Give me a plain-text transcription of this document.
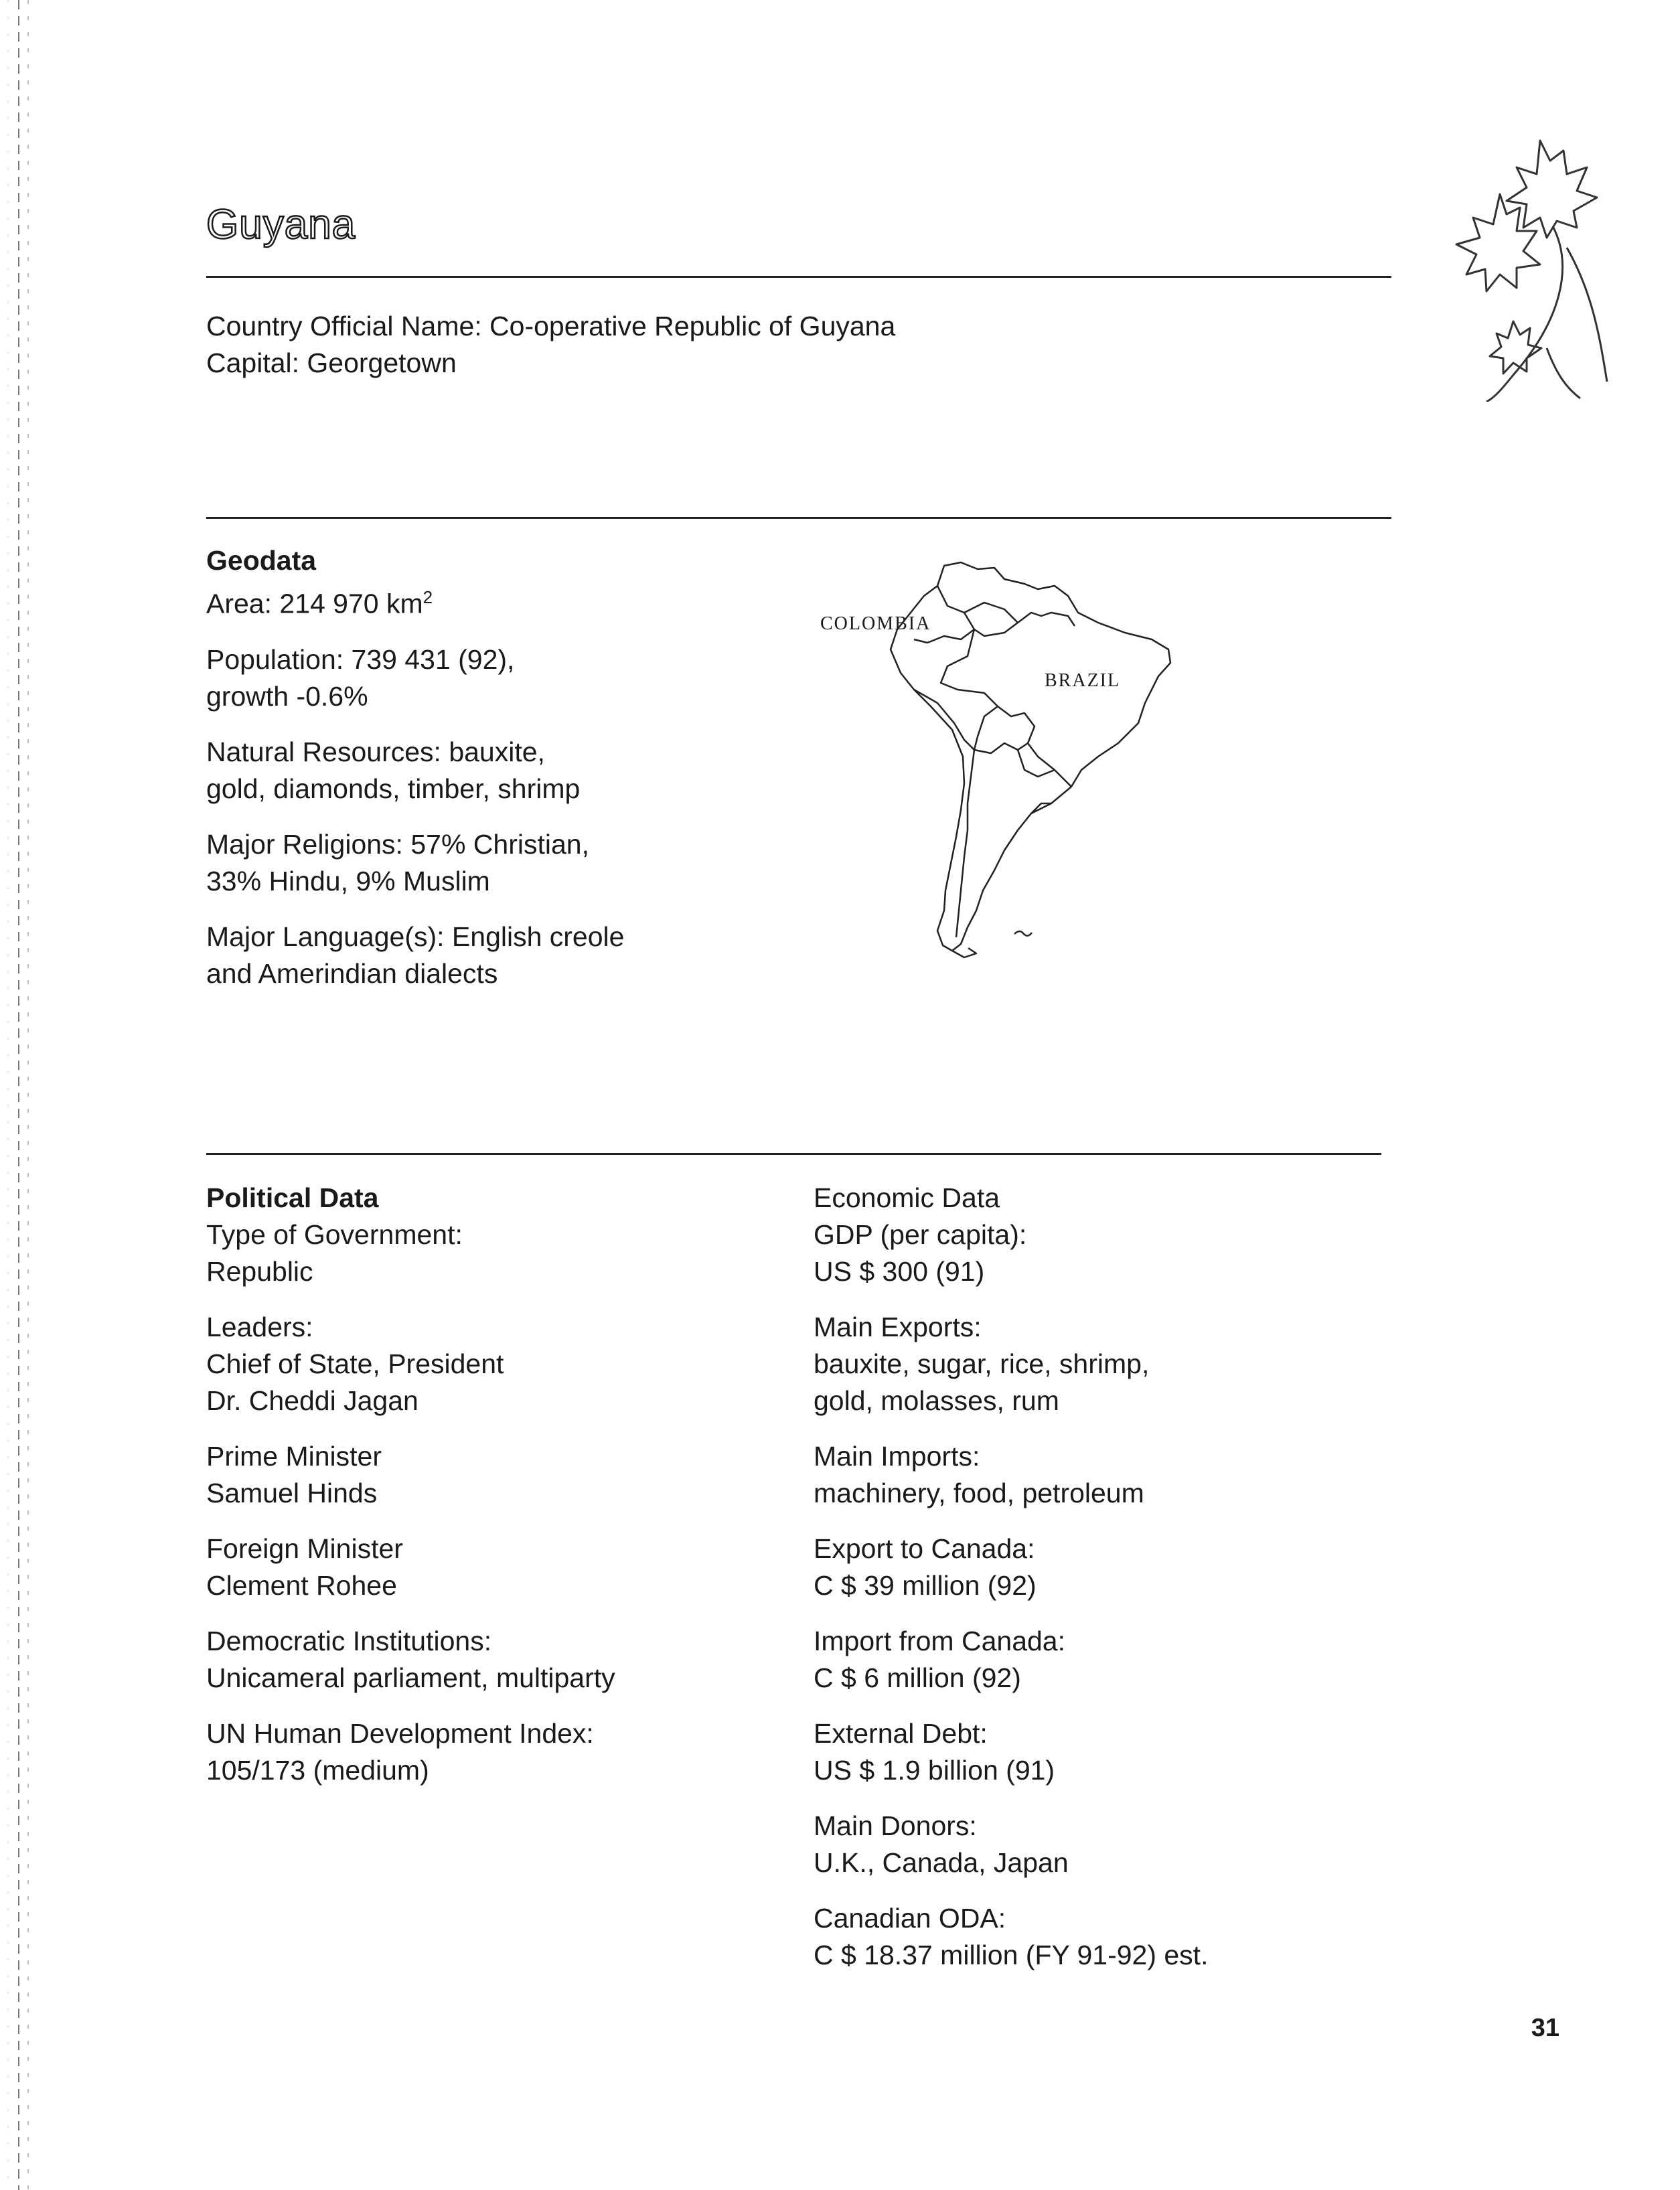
Guyana
Country Official Name: Co-operative Republic of Guyana
Capital: Georgetown
Geodata
Area: 214 970 $km^2$
Population: 739 431 (92),
growth -0.6%
Natural Resources: bauxite,
gold, diamonds, timber, shrimp
Major Religions: 57% Christian,
33% Hindu, 9% Muslim
Major Language(s): English creole
and Amerindian dialects
COLOMBIA
BRAZIL
Political Data
Type of Government:
Republic
Leaders:
Chief of State, President
Dr. Cheddi Jagan
Prime Minister
Samuel Hinds
Foreign Minister
Clement Rohee
Democratic Institutions:
Unicameral parliament, multiparty
UN Human Development Index:
105/173 (medium)
Economic Data
GDP (per capita):
US $ 300 (91)
Main Exports:
bauxite, sugar, rice, shrimp,
gold, molasses, rum
Main Imports:
machinery, food, petroleum
Export to Canada:
C $ 39 million (92)
Import from Canada:
C $ 6 million (92)
External Debt:
US $ 1.9 billion (91)
Main Donors:
U.K., Canada, Japan
Canadian ODA:
C $ 18.37 million (FY 91-92) est.
31
